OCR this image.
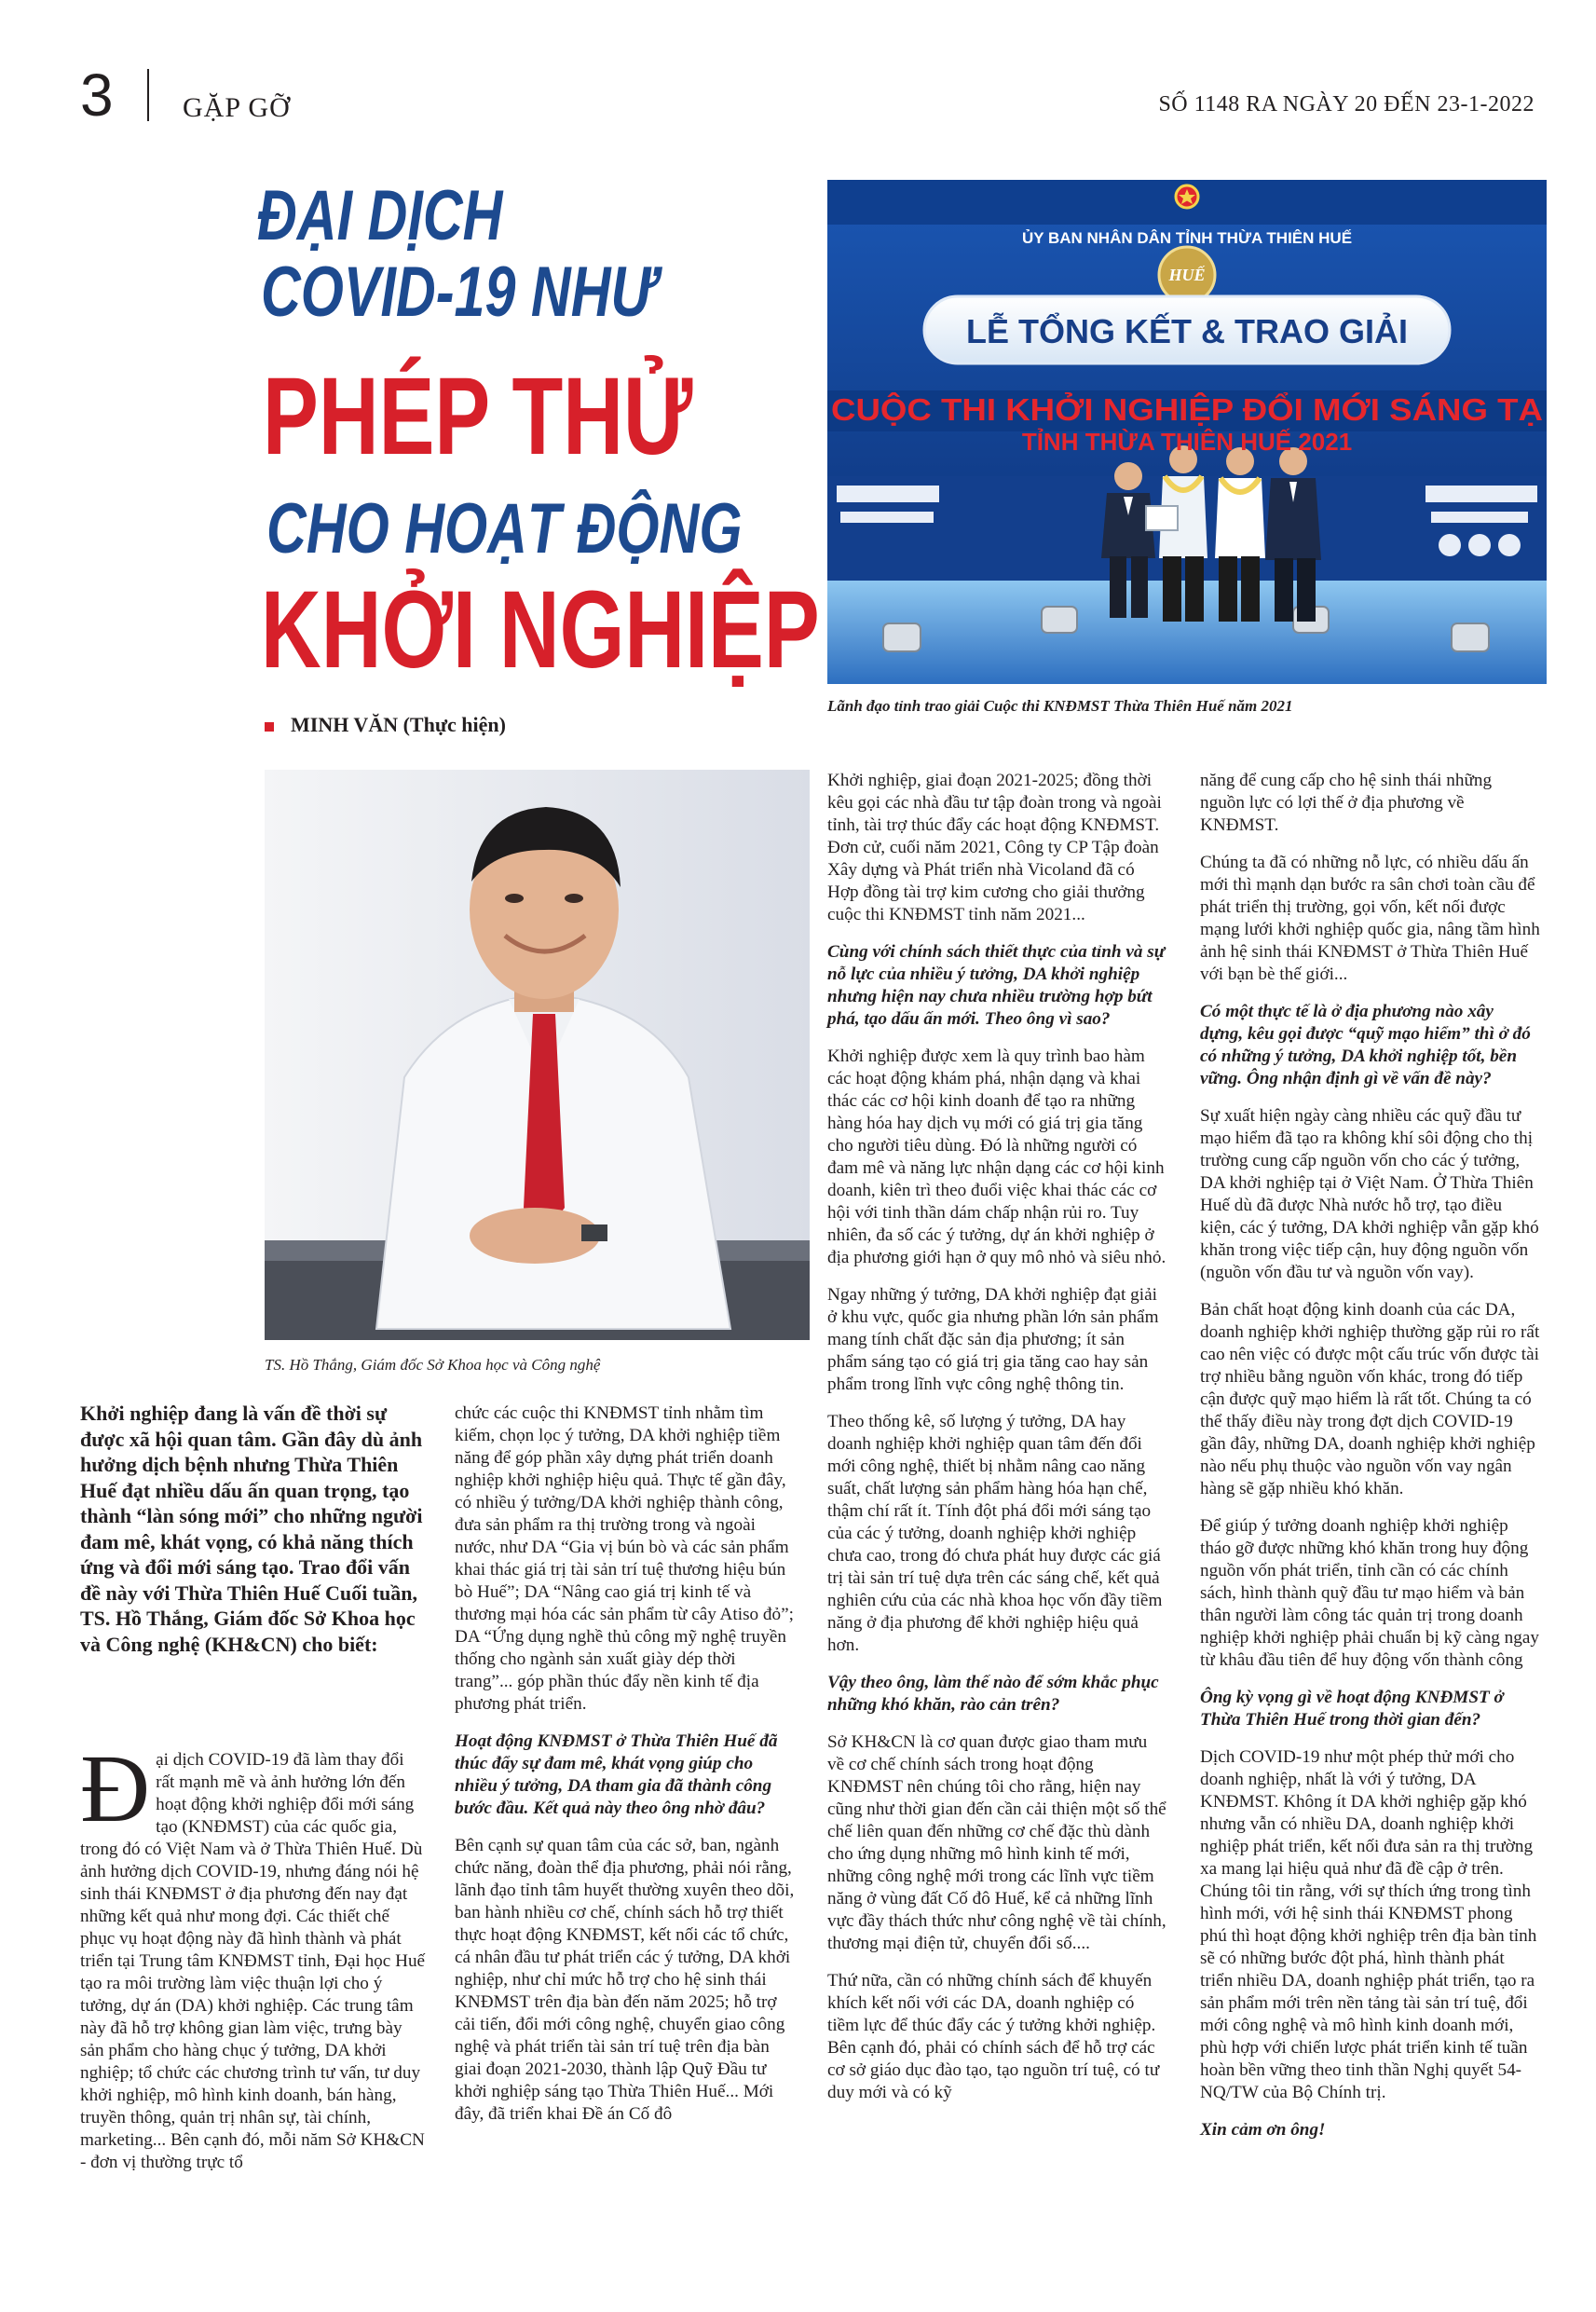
3 GẶP GỠ	SỐ 1148 RA NGÀY 20 ĐẾN 23-1-2022
ĐẠI DỊCH
COVID-19 NHƯ
PHÉP THỬ
CHO HOẠT ĐỘNG
KHỞI NGHIỆP
MINH VĂN (Thực hiện)
ỦY BAN NHÂN DÂN TỈNH THỪA THIÊN HUẾ
HUẾ
LỄ TỔNG KẾT & TRAO GIẢI
CUỘC THI KHỞI NGHIỆP ĐỔI MỚI SÁNG TẠ
TỈNH THỪA THIÊN HUẾ 2021
Lãnh đạo tỉnh trao giải Cuộc thi KNĐMST Thừa Thiên Huế năm 2021
TS. Hồ Thắng, Giám đốc Sở Khoa học và Công nghệ
Khởi nghiệp đang là vấn đề thời sự được xã hội quan tâm. Gần đây dù ảnh hưởng dịch bệnh nhưng Thừa Thiên Huế đạt nhiều dấu ấn quan trọng, tạo thành “làn sóng mới” cho những người đam mê, khát vọng, có khả năng thích ứng và đổi mới sáng tạo. Trao đổi vấn đề này với Thừa Thiên Huế Cuối tuần, TS. Hồ Thắng, Giám đốc Sở Khoa học và Công nghệ (KH&CN) cho biết:

Đại dịch COVID-19 đã làm thay đổi rất mạnh mẽ và ảnh hưởng lớn đến hoạt động khởi nghiệp đổi mới sáng tạo (KNĐMST) của các quốc gia, trong đó có Việt Nam và ở Thừa Thiên Huế. Dù ảnh hưởng dịch COVID-19, nhưng đáng nói hệ sinh thái KNĐMST ở địa phương đến nay đạt những kết quả như mong đợi. Các thiết chế phục vụ hoạt động này đã hình thành và phát triển tại Trung tâm KNĐMST tỉnh, Đại học Huế tạo ra môi trường làm việc thuận lợi cho ý tưởng, dự án (DA) khởi nghiệp. Các trung tâm này đã hỗ trợ không gian làm việc, trưng bày sản phẩm cho hàng chục ý tưởng, DA khởi nghiệp; tổ chức các chương trình tư vấn, tư duy khởi nghiệp, mô hình kinh doanh, bán hàng, truyền thông, quản trị nhân sự, tài chính, marketing... Bên cạnh đó, mỗi năm Sở KH&CN - đơn vị thường trực tổ

chức các cuộc thi KNĐMST tỉnh nhằm tìm kiếm, chọn lọc ý tưởng, DA khởi nghiệp tiềm năng để góp phần xây dựng phát triển doanh nghiệp khởi nghiệp hiệu quả. Thực tế gần đây, có nhiều ý tưởng/DA khởi nghiệp thành công, đưa sản phẩm ra thị trường trong và ngoài nước, như DA “Gia vị bún bò và các sản phẩm khai thác giá trị tài sản trí tuệ thương hiệu bún bò Huế”; DA “Nâng cao giá trị kinh tế và thương mại hóa các sản phẩm từ cây Atiso đỏ”; DA “Ứng dụng nghề thủ công mỹ nghệ truyền thống cho ngành sản xuất giày dép thời trang”... góp phần thúc đẩy nền kinh tế địa phương phát triển.

Hoạt động KNĐMST ở Thừa Thiên Huế đã thúc đẩy sự đam mê, khát vọng giúp cho nhiều ý tưởng, DA tham gia đã thành công bước đầu. Kết quả này theo ông nhờ đâu?

Bên cạnh sự quan tâm của các sở, ban, ngành chức năng, đoàn thể địa phương, phải nói rằng, lãnh đạo tỉnh tâm huyết thường xuyên theo dõi, ban hành nhiều cơ chế, chính sách hỗ trợ thiết thực hoạt động KNĐMST, kết nối các tổ chức, cá nhân đầu tư phát triển các ý tưởng, DA khởi nghiệp, như chỉ mức hỗ trợ cho hệ sinh thái KNĐMST trên địa bàn đến năm 2025; hỗ trợ cải tiến, đổi mới công nghệ, chuyển giao công nghệ và phát triển tài sản trí tuệ trên địa bàn giai đoạn 2021-2030, thành lập Quỹ Đầu tư khởi nghiệp sáng tạo Thừa Thiên Huế... Mới đây, đã triển khai Đề án Cố đô

Khởi nghiệp, giai đoạn 2021-2025; đồng thời kêu gọi các nhà đầu tư tập đoàn trong và ngoài tỉnh, tài trợ thúc đẩy các hoạt động KNĐMST. Đơn cử, cuối năm 2021, Công ty CP Tập đoàn Xây dựng và Phát triển nhà Vicoland đã có Hợp đồng tài trợ kim cương cho giải thưởng cuộc thi KNĐMST tỉnh năm 2021...

Cùng với chính sách thiết thực của tỉnh và sự nỗ lực của nhiều ý tưởng, DA khởi nghiệp nhưng hiện nay chưa nhiều trường hợp bứt phá, tạo dấu ấn mới. Theo ông vì sao?

Khởi nghiệp được xem là quy trình bao hàm các hoạt động khám phá, nhận dạng và khai thác các cơ hội kinh doanh để tạo ra những hàng hóa hay dịch vụ mới có giá trị gia tăng cho người tiêu dùng. Đó là những người có đam mê và năng lực nhận dạng các cơ hội kinh doanh, kiên trì theo đuổi việc khai thác các cơ hội với tinh thần dám chấp nhận rủi ro. Tuy nhiên, đa số các ý tưởng, dự án khởi nghiệp ở địa phương giới hạn ở quy mô nhỏ và siêu nhỏ.

Ngay những ý tưởng, DA khởi nghiệp đạt giải ở khu vực, quốc gia nhưng phần lớn sản phẩm mang tính chất đặc sản địa phương; ít sản phẩm sáng tạo có giá trị gia tăng cao hay sản phẩm trong lĩnh vực công nghệ thông tin.

Theo thống kê, số lượng ý tưởng, DA hay doanh nghiệp khởi nghiệp quan tâm đến đổi mới công nghệ, thiết bị nhằm nâng cao năng suất, chất lượng sản phẩm hàng hóa hạn chế, thậm chí rất ít. Tính đột phá đổi mới sáng tạo của các ý tưởng, doanh nghiệp khởi nghiệp chưa cao, trong đó chưa phát huy được các giá trị tài sản trí tuệ dựa trên các sáng chế, kết quả nghiên cứu của các nhà khoa học vốn đầy tiềm năng ở địa phương để khởi nghiệp hiệu quả hơn.

Vậy theo ông, làm thế nào để sớm khắc phục những khó khăn, rào cản trên?

Sở KH&CN là cơ quan được giao tham mưu về cơ chế chính sách trong hoạt động KNĐMST nên chúng tôi cho rằng, hiện nay cũng như thời gian đến cần cải thiện một số thể chế liên quan đến những cơ chế đặc thù dành cho ứng dụng những mô hình kinh tế mới, những công nghệ mới trong các lĩnh vực tiềm năng ở vùng đất Cố đô Huế, kể cả những lĩnh vực đầy thách thức như công nghệ về tài chính, thương mại điện tử, chuyển đổi số....

Thứ nữa, cần có những chính sách để khuyến khích kết nối với các DA, doanh nghiệp có tiềm lực để thúc đẩy các ý tưởng khởi nghiệp. Bên cạnh đó, phải có chính sách để hỗ trợ các cơ sở giáo dục đào tạo, tạo nguồn trí tuệ, có tư duy mới và có kỹ

năng để cung cấp cho hệ sinh thái những nguồn lực có lợi thế ở địa phương về KNĐMST.

Chúng ta đã có những nỗ lực, có nhiều dấu ấn mới thì mạnh dạn bước ra sân chơi toàn cầu để phát triển thị trường, gọi vốn, kết nối được mạng lưới khởi nghiệp quốc gia, nâng tầm hình ảnh hệ sinh thái KNĐMST ở Thừa Thiên Huế với bạn bè thế giới...

Có một thực tế là ở địa phương nào xây dựng, kêu gọi được “quỹ mạo hiểm” thì ở đó có những ý tưởng, DA khởi nghiệp tốt, bền vững. Ông nhận định gì về vấn đề này?

Sự xuất hiện ngày càng nhiều các quỹ đầu tư mạo hiểm đã tạo ra không khí sôi động cho thị trường cung cấp nguồn vốn cho các ý tưởng, DA khởi nghiệp tại ở Việt Nam. Ở Thừa Thiên Huế dù đã được Nhà nước hỗ trợ, tạo điều kiện, các ý tưởng, DA khởi nghiệp vẫn gặp khó khăn trong việc tiếp cận, huy động nguồn vốn (nguồn vốn đầu tư và nguồn vốn vay).

Bản chất hoạt động kinh doanh của các DA, doanh nghiệp khởi nghiệp thường gặp rủi ro rất cao nên việc có được một cấu trúc vốn được tài trợ nhiều bằng nguồn vốn khác, trong đó tiếp cận được quỹ mạo hiểm là rất tốt. Chúng ta có thể thấy điều này trong đợt dịch COVID-19 gần đây, những DA, doanh nghiệp khởi nghiệp nào nếu phụ thuộc vào nguồn vốn vay ngân hàng sẽ gặp nhiều khó khăn.

Để giúp ý tưởng doanh nghiệp khởi nghiệp tháo gỡ được những khó khăn trong huy động nguồn vốn phát triển, tỉnh cần có các chính sách, hình thành quỹ đầu tư mạo hiểm và bản thân người làm công tác quản trị trong doanh nghiệp khởi nghiệp phải chuẩn bị kỹ càng ngay từ khâu đầu tiên để huy động vốn thành công

Ông kỳ vọng gì về hoạt động KNĐMST ở Thừa Thiên Huế trong thời gian đến?

Dịch COVID-19 như một phép thử mới cho doanh nghiệp, nhất là với ý tưởng, DA KNĐMST. Không ít DA khởi nghiệp gặp khó nhưng vẫn có nhiều DA, doanh nghiệp khởi nghiệp phát triển, kết nối đưa sản ra thị trường xa mang lại hiệu quả như đã đề cập ở trên. Chúng tôi tin rằng, với sự thích ứng trong tình hình mới, với hệ sinh thái KNĐMST phong phú thì hoạt động khởi nghiệp trên địa bàn tỉnh sẽ có những bước đột phá, hình thành phát triển nhiều DA, doanh nghiệp phát triển, tạo ra sản phẩm mới trên nền tảng tài sản trí tuệ, đổi mới công nghệ và mô hình kinh doanh mới, phù hợp với chiến lược phát triển kinh tế tuần hoàn bền vững theo tinh thần Nghị quyết 54-NQ/TW của Bộ Chính trị.

Xin cảm ơn ông!
